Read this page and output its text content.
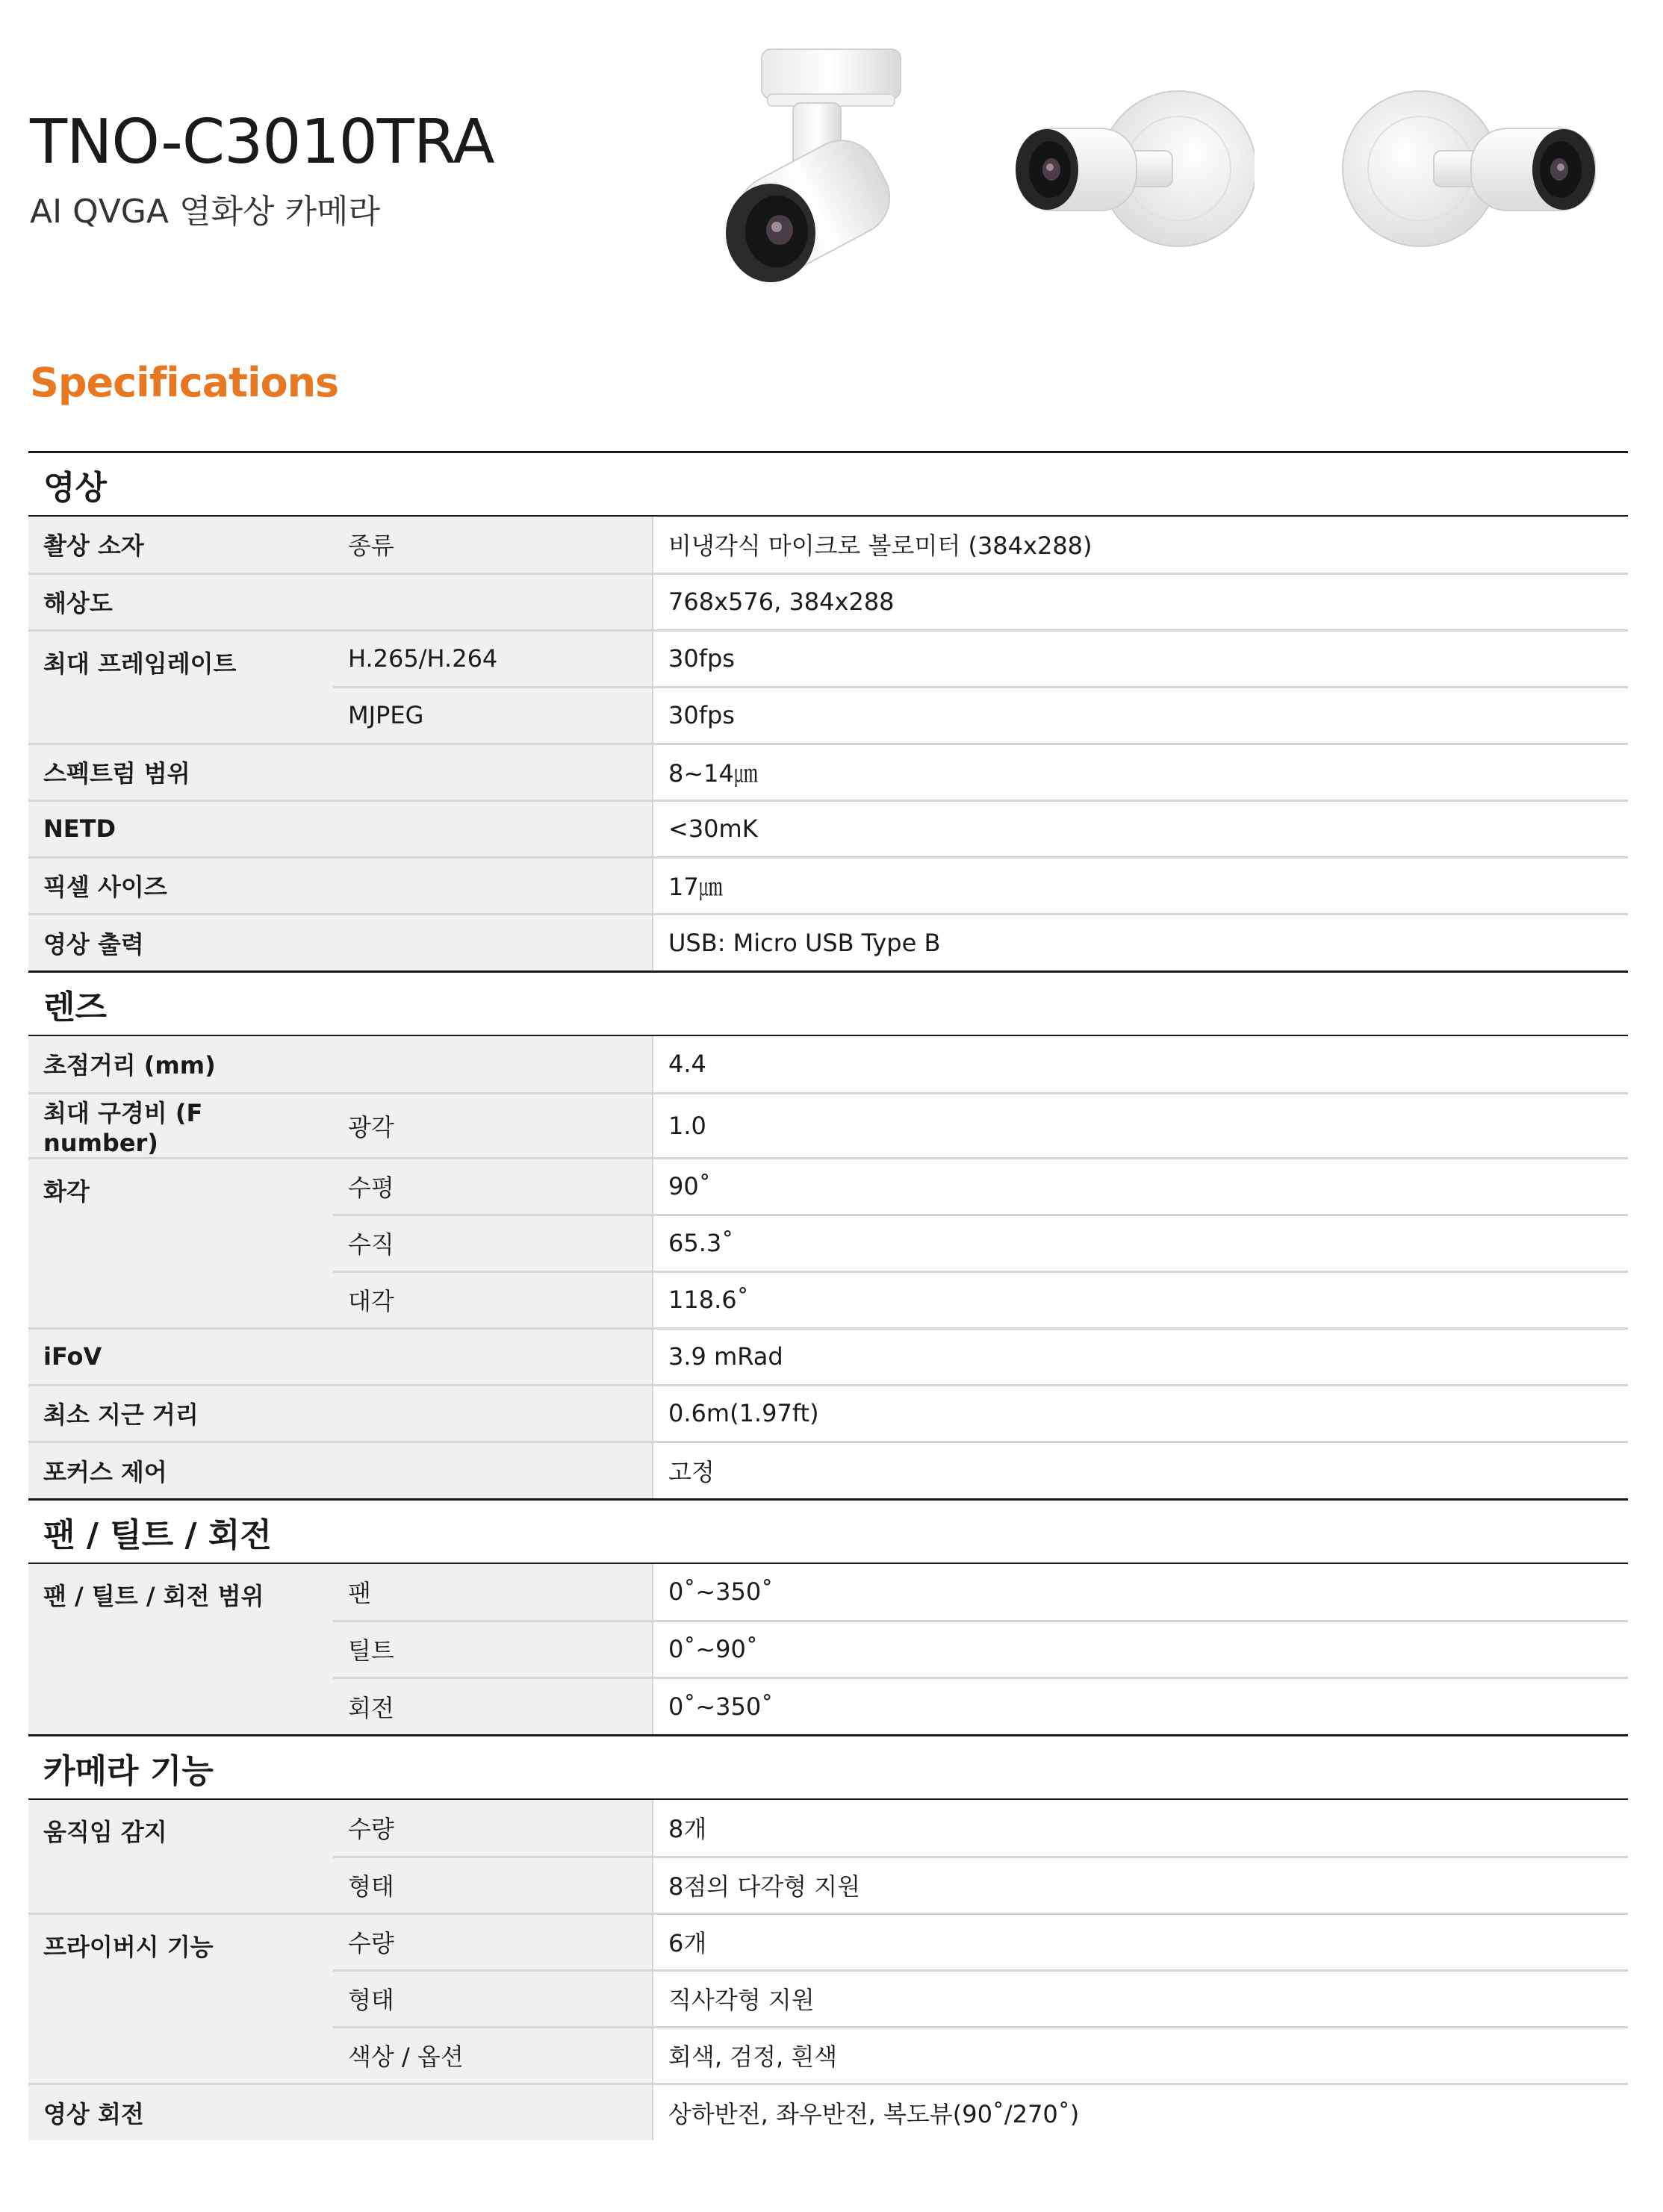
TNO-C3010TRA
AI QVGA 열화상 카메라
Specifications
영상
촬상 소자	종류	비냉각식 마이크로 볼로미터 (384x288)
해상도		768x576, 384x288
최대 프레임레이트	H.265/H.264	30fps
	MJPEG	30fps
스펙트럼 범위		8~14㎛
NETD		<30mK
픽셀 사이즈		17㎛
영상 출력		USB: Micro USB Type B
렌즈
초점거리 (mm)		4.4
최대 구경비 (F number)	광각	1.0
화각	수평	90˚
	수직	65.3˚
	대각	118.6˚
iFoV		3.9 mRad
최소 지근 거리		0.6m(1.97ft)
포커스 제어		고정
팬 / 틸트 / 회전
팬 / 틸트 / 회전 범위	팬	0˚~350˚
	틸트	0˚~90˚
	회전	0˚~350˚
카메라 기능
움직임 감지	수량	8개
	형태	8점의 다각형 지원
프라이버시 기능	수량	6개
	형태	직사각형 지원
	색상 / 옵션	회색, 검정, 흰색
영상 회전		상하반전, 좌우반전, 복도뷰(90˚/270˚)
